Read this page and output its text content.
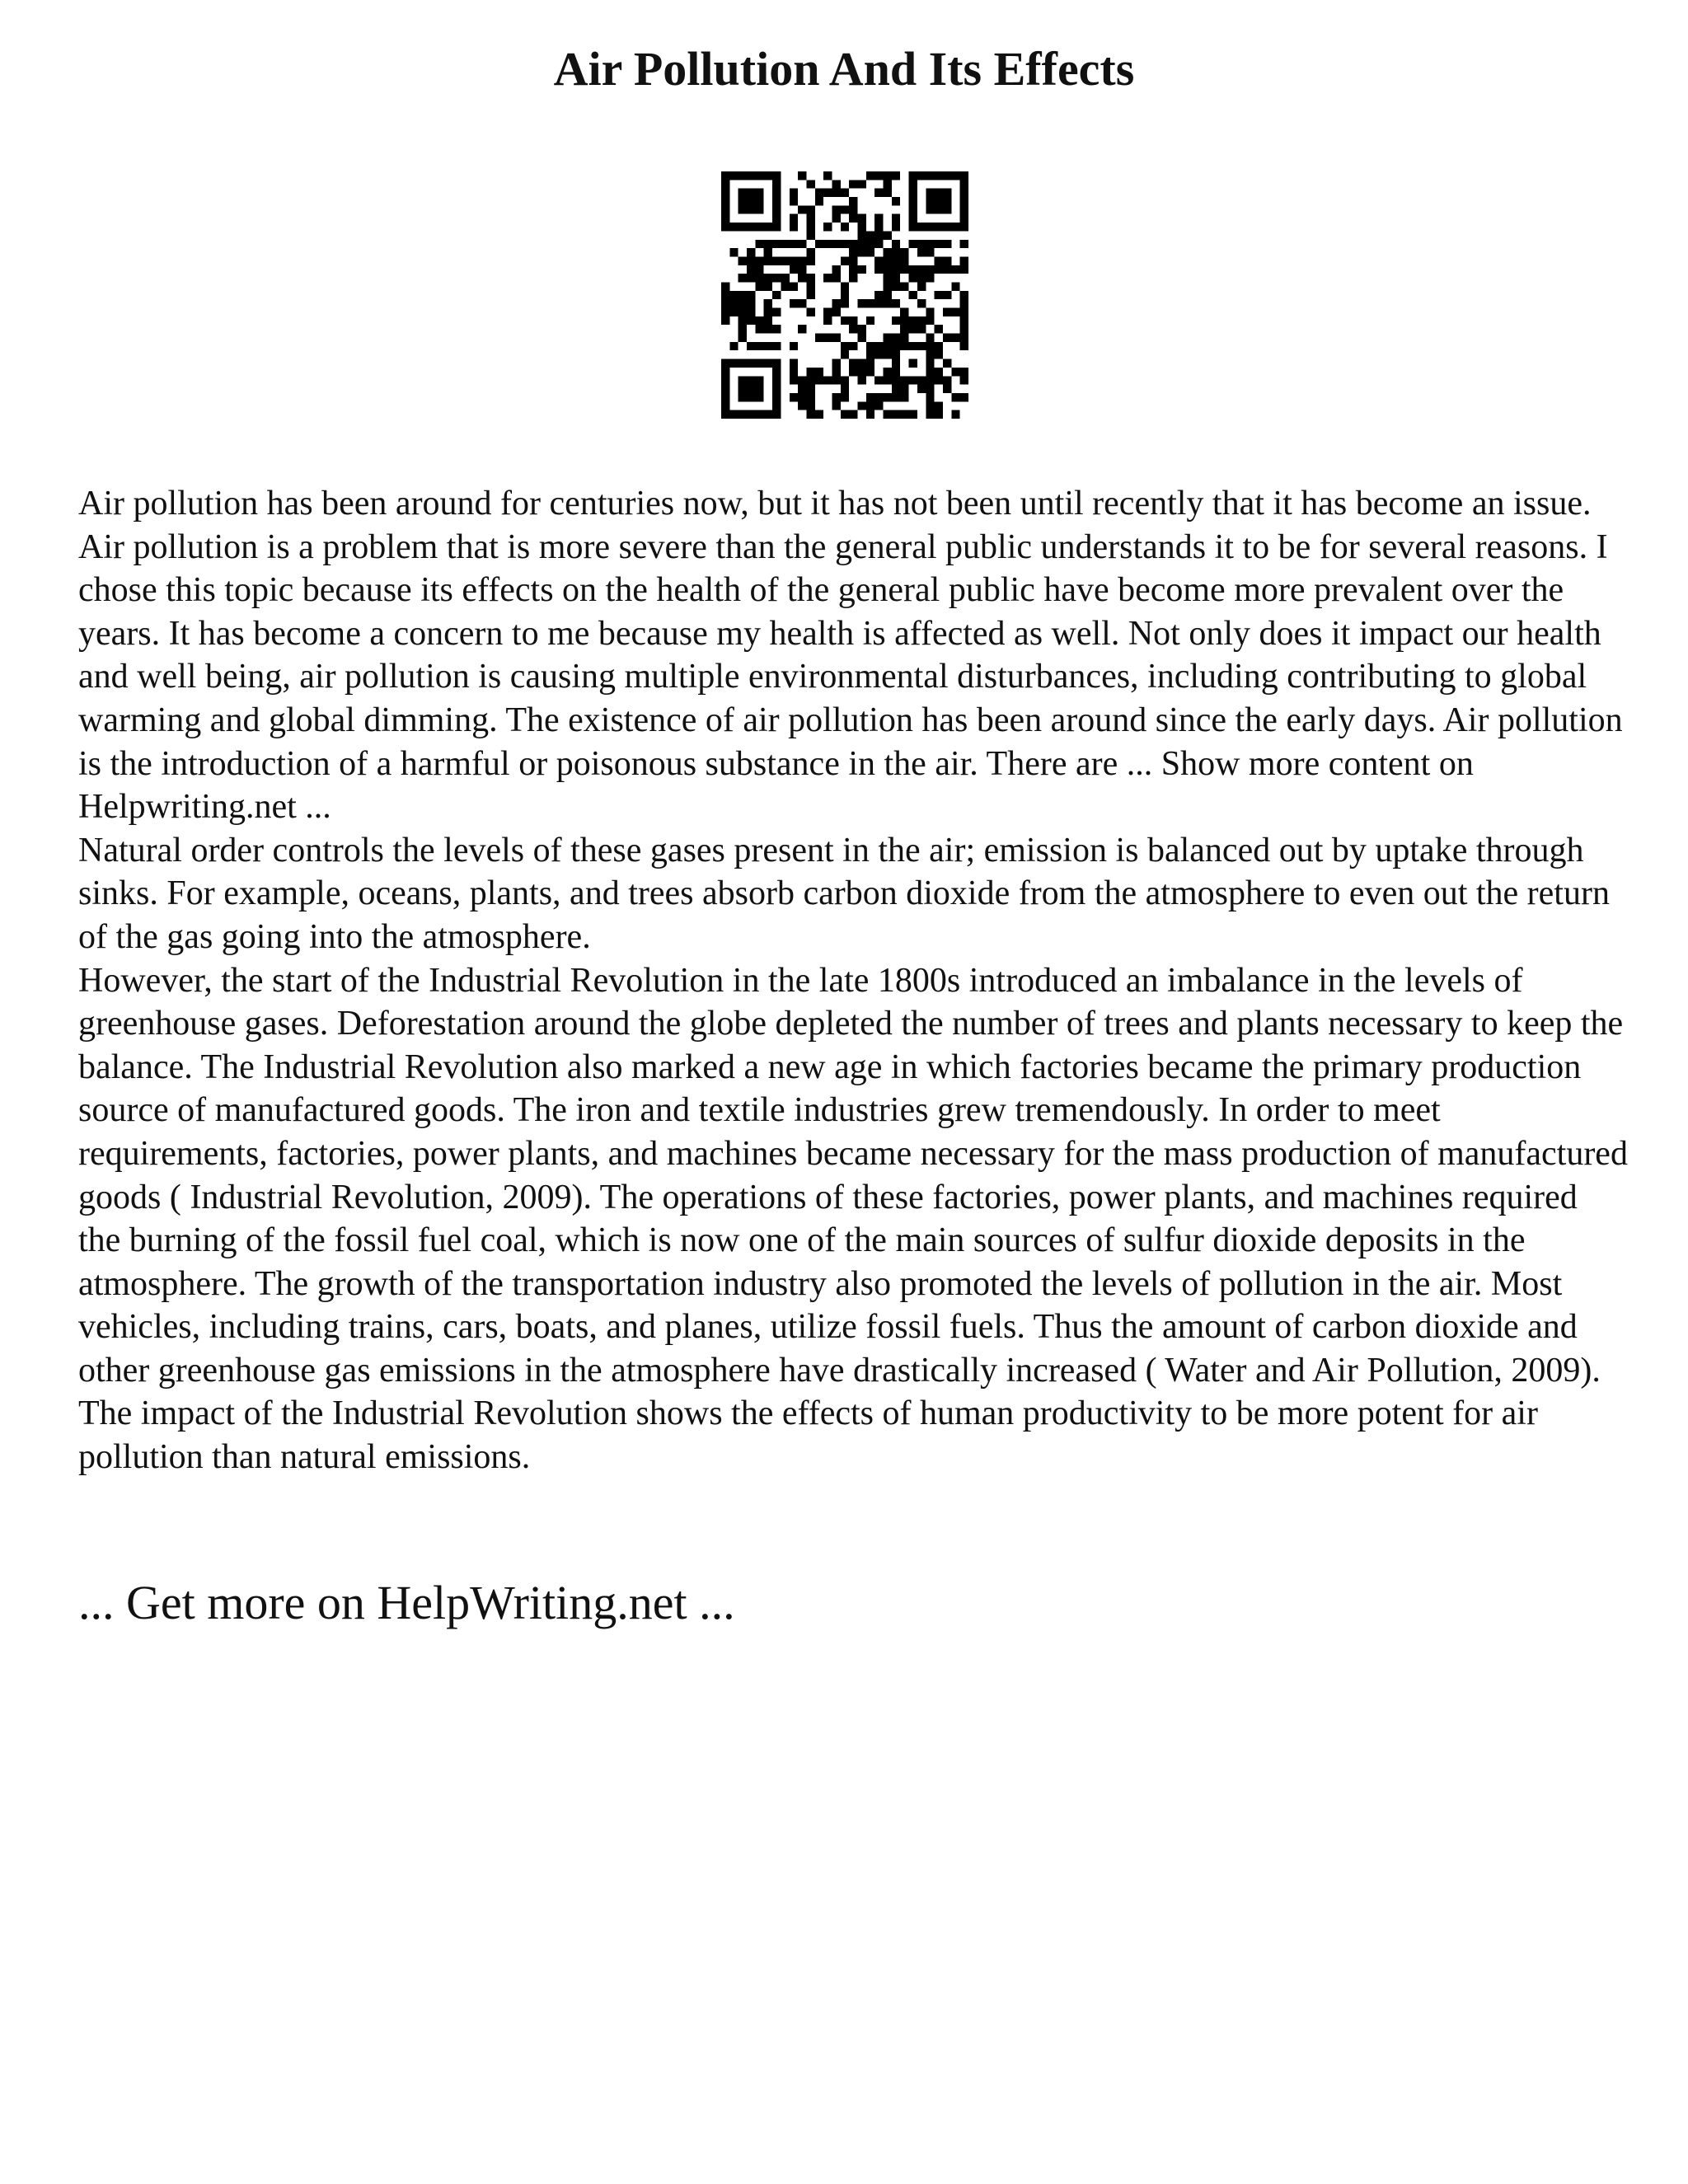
Air Pollution And Its Effects

Air pollution has been around for centuries now, but it has not been until recently that it has become an issue. Air pollution is a problem that is more severe than the general public understands it to be for several reasons. I chose this topic because its effects on the health of the general public have become more prevalent over the years. It has become a concern to me because my health is affected as well. Not only does it impact our health and well being, air pollution is causing multiple environmental disturbances, including contributing to global warming and global dimming. The existence of air pollution has been around since the early days. Air pollution is the introduction of a harmful or poisonous substance in the air. There are ... Show more content on Helpwriting.net ...

Natural order controls the levels of these gases present in the air; emission is balanced out by uptake through sinks. For example, oceans, plants, and trees absorb carbon dioxide from the atmosphere to even out the return of the gas going into the atmosphere.

However, the start of the Industrial Revolution in the late 1800s introduced an imbalance in the levels of greenhouse gases. Deforestation around the globe depleted the number of trees and plants necessary to keep the balance. The Industrial Revolution also marked a new age in which factories became the primary production source of manufactured goods. The iron and textile industries grew tremendously. In order to meet requirements, factories, power plants, and machines became necessary for the mass production of manufactured goods ( Industrial Revolution, 2009). The operations of these factories, power plants, and machines required the burning of the fossil fuel coal, which is now one of the main sources of sulfur dioxide deposits in the atmosphere. The growth of the transportation industry also promoted the levels of pollution in the air. Most vehicles, including trains, cars, boats, and planes, utilize fossil fuels. Thus the amount of carbon dioxide and other greenhouse gas emissions in the atmosphere have drastically increased ( Water and Air Pollution, 2009). The impact of the Industrial Revolution shows the effects of human productivity to be more potent for air pollution than natural emissions.

... Get more on HelpWriting.net ...
